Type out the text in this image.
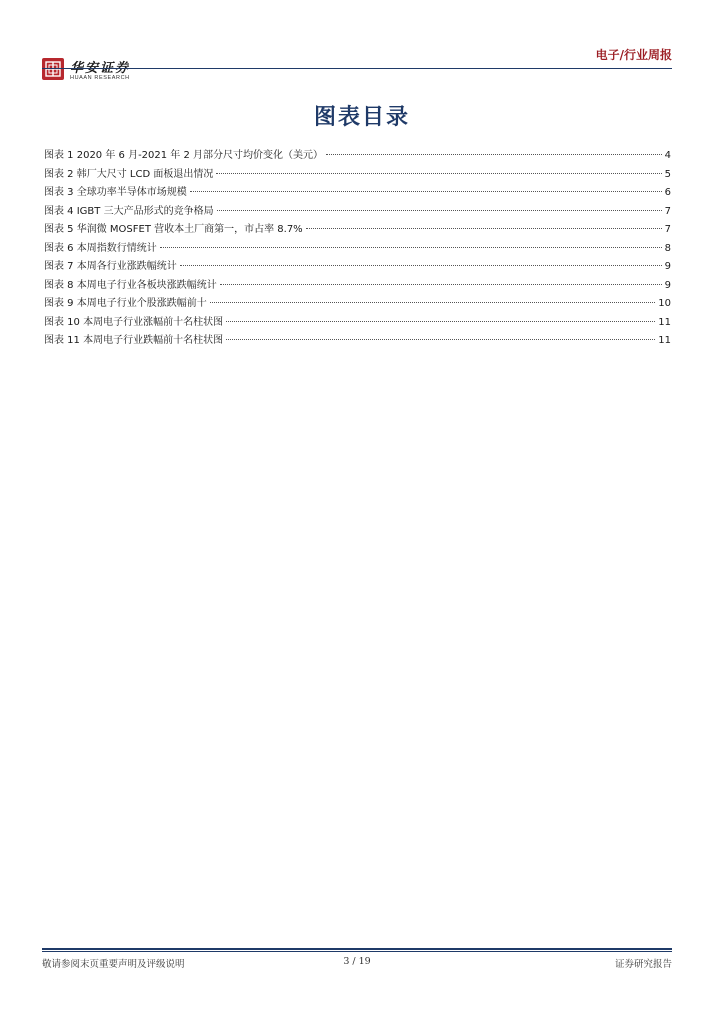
华安证券
HUAAN RESEARCH
电子/行业周报
图表目录
图表 1 2020 年 6 月-2021 年 2 月部分尺寸均价变化（美元）	4
图表 2 韩厂大尺寸 LCD 面板退出情况	5
图表 3 全球功率半导体市场规模	6
图表 4 IGBT 三大产品形式的竞争格局	7
图表 5 华润微 MOSFET 营收本土厂商第一，市占率 8.7%	7
图表 6 本周指数行情统计	8
图表 7 本周各行业涨跌幅统计	9
图表 8 本周电子行业各板块涨跌幅统计	9
图表 9 本周电子行业个股涨跌幅前十	10
图表 10 本周电子行业涨幅前十名柱状图	11
图表 11 本周电子行业跌幅前十名柱状图	11
敬请参阅末页重要声明及评级说明	3 / 19	证券研究报告
